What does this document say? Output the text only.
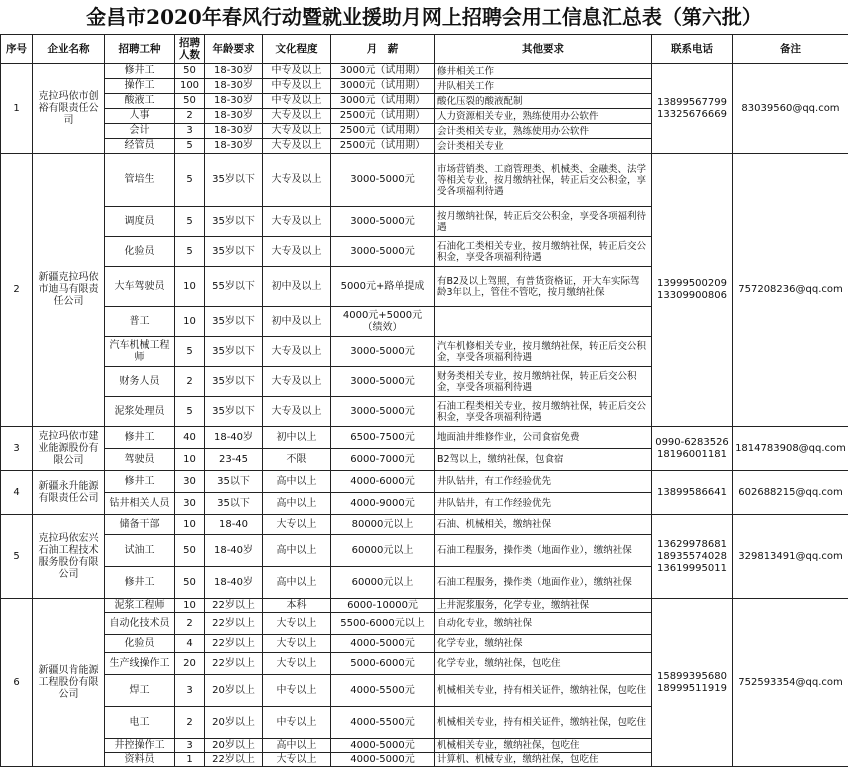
金昌市2020年春风行动暨就业援助月网上招聘会用工信息汇总表（第六批）
序号	企业名称	招聘工种	招聘人数	年龄要求	文化程度	月　薪	其他要求	联系电话	备注
1	克拉玛依市创裕有限责任公司	修井工	50	18-30岁	中专及以上	3000元（试用期）	修井相关工作	13899567799 13325676669	83039560@qq.com
		操作工	100	18-30岁	中专及以上	3000元（试用期）	井队相关工作		
		酸液工	50	18-30岁	中专及以上	3000元（试用期）	酸化压裂的酸液配制		
		人事	2	18-30岁	大专及以上	2500元（试用期）	人力资源相关专业，熟练使用办公软件		
		会计	3	18-30岁	大专及以上	2500元（试用期）	会计类相关专业，熟练使用办公软件		
		经管员	5	18-30岁	大专及以上	2500元（试用期）	会计类相关专业		
2	新疆克拉玛依市迪马有限责任公司	管培生	5	35岁以下	大专及以上	3000-5000元	市场营销类、工商管理类、机械类、金融类、法学等相关专业，按月缴纳社保，转正后交公积金，享受各项福利待遇	13999500209 13309900806	757208236@qq.com
		调度员	5	35岁以下	大专及以上	3000-5000元	按月缴纳社保，转正后交公积金，享受各项福利待遇		
		化验员	5	35岁以下	大专及以上	3000-5000元	石油化工类相关专业，按月缴纳社保，转正后交公积金，享受各项福利待遇		
		大车驾驶员	10	55岁以下	初中及以上	5000元+路单提成	有B2及以上驾照，有普货资格证，开大车实际驾龄3年以上，管住不管吃，按月缴纳社保		
		普工	10	35岁以下	初中及以上	4000元+5000元（绩效）			
		汽车机械工程师	5	35岁以下	大专及以上	3000-5000元	汽车机修相关专业，按月缴纳社保，转正后交公积金，享受各项福利待遇		
		财务人员	2	35岁以下	大专及以上	3000-5000元	财务类相关专业，按月缴纳社保，转正后交公积金，享受各项福利待遇		
		泥浆处理员	5	35岁以下	大专及以上	3000-5000元	石油工程类相关专业，按月缴纳社保，转正后交公积金，享受各项福利待遇		
3	克拉玛依市建业能源股份有限公司	修井工	40	18-40岁	初中以上	6500-7500元	地面油井维修作业，公司食宿免费	0990-6283526 18196001181	1814783908@qq.com
		驾驶员	10	23-45	不限	6000-7000元	B2驾以上，缴纳社保，包食宿		
4	新疆永升能源有限责任公司	修井工	30	35以下	高中以上	4000-6000元	井队钻井，有工作经验优先	13899586641	602688215@qq.com
		钻井相关人员	30	35以下	高中以上	4000-9000元	井队钻井，有工作经验优先		
5	克拉玛依宏兴石油工程技术服务股份有限公司	储备干部	10	18-40	大专以上	80000元以上	石油、机械相关，缴纳社保	13629978681 18935574028 13619995011	329813491@qq.com
		试油工	50	18-40岁	高中以上	60000元以上	石油工程服务，操作类（地面作业），缴纳社保		
		修井工	50	18-40岁	高中以上	60000元以上	石油工程服务，操作类（地面作业），缴纳社保		
6	新疆贝肯能源工程股份有限公司	泥浆工程师	10	22岁以上	本科	6000-10000元	上井泥浆服务，化学专业，缴纳社保	15899395680 18999511919	752593354@qq.com
		自动化技术员	2	22岁以上	大专以上	5500-6000元以上	自动化专业，缴纳社保		
		化验员	4	22岁以上	大专以上	4000-5000元	化学专业，缴纳社保		
		生产线操作工	20	22岁以上	大专以上	5000-6000元	化学专业，缴纳社保，包吃住		
		焊工	3	20岁以上	中专以上	4000-5500元	机械相关专业，持有相关证件，缴纳社保，包吃住		
		电工	2	20岁以上	中专以上	4000-5500元	机械相关专业，持有相关证件，缴纳社保，包吃住		
		井控操作工	3	20岁以上	高中以上	4000-5000元	机械相关专业，缴纳社保，包吃住		
		资料员	1	22岁以上	大专以上	4000-5000元	计算机、机械专业，缴纳社保，包吃住		
